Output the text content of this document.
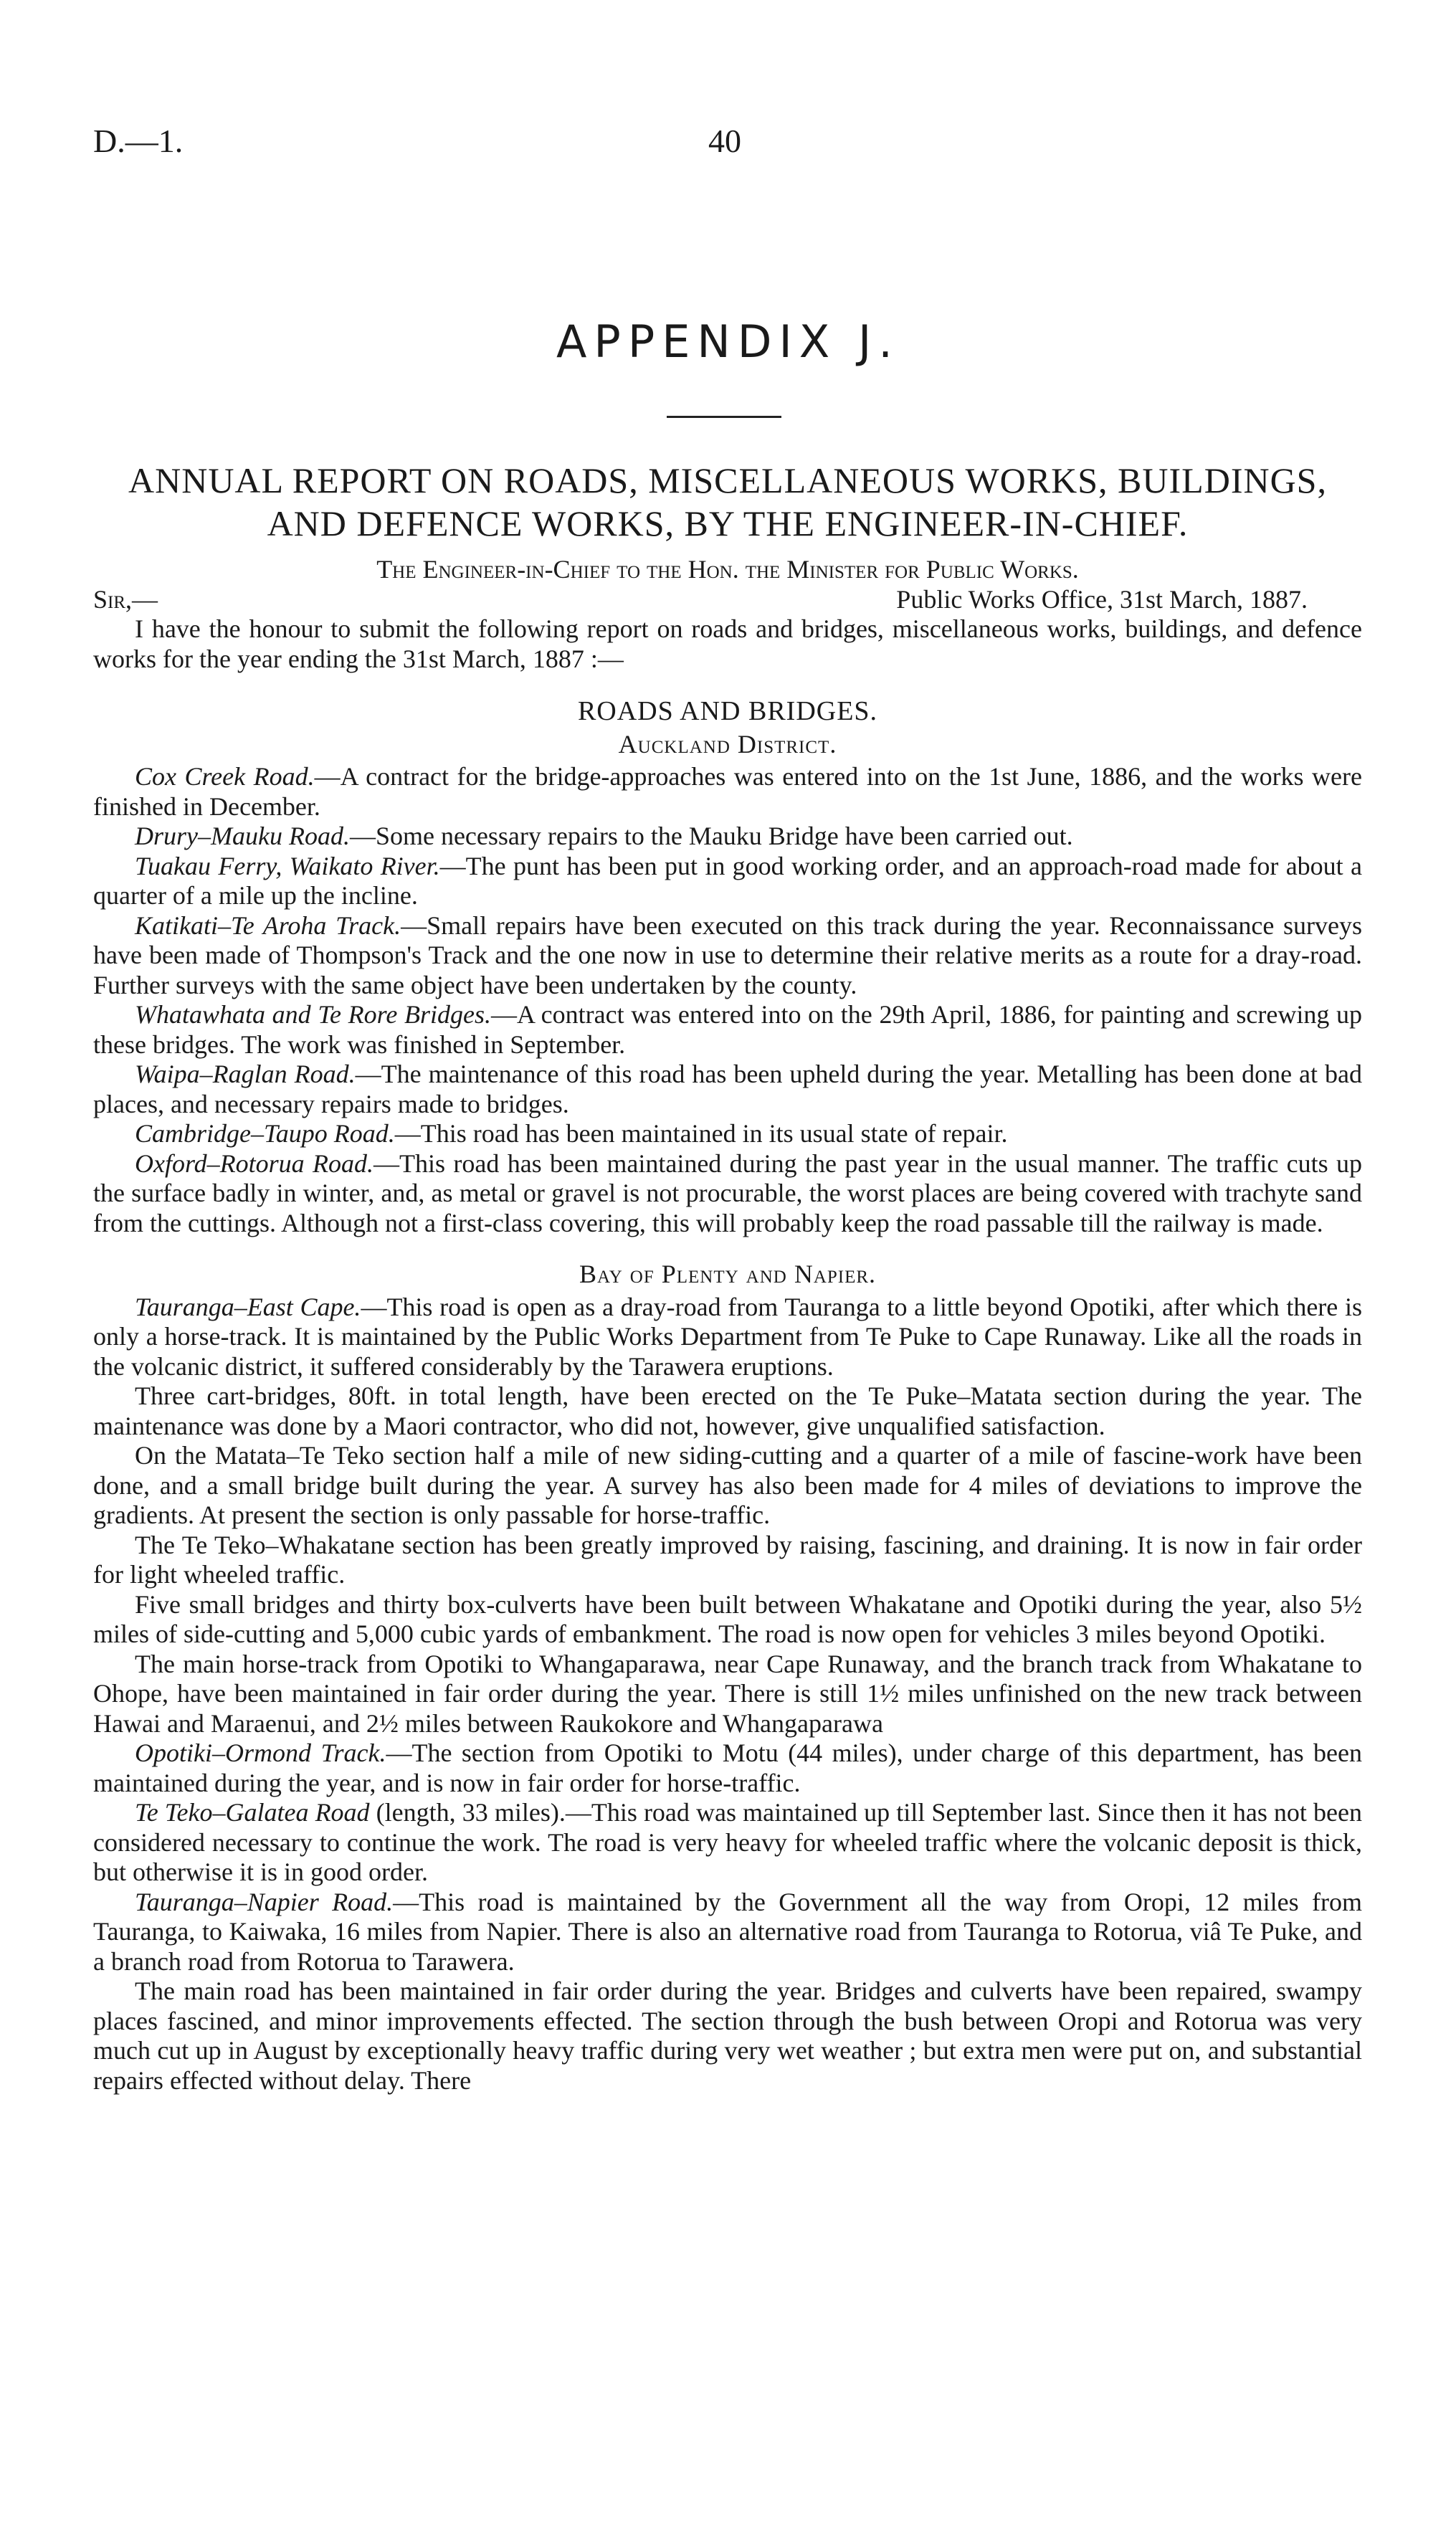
D.—1.	40
APPENDIX J.
ANNUAL REPORT ON ROADS, MISCELLANEOUS WORKS, BUILDINGS, AND DEFENCE WORKS, BY THE ENGINEER-IN-CHIEF.

The Engineer-in-Chief to the Hon. the Minister for Public Works.

Sir,—	Public Works Office, 31st March, 1887.

I have the honour to submit the following report on roads and bridges, miscellaneous works, buildings, and defence works for the year ending the 31st March, 1887 :—

ROADS AND BRIDGES.
Auckland District.

Cox Creek Road.—A contract for the bridge-approaches was entered into on the 1st June, 1886, and the works were finished in December.

Drury–Mauku Road.—Some necessary repairs to the Mauku Bridge have been carried out.

Tuakau Ferry, Waikato River.—The punt has been put in good working order, and an approach-road made for about a quarter of a mile up the incline.

Katikati–Te Aroha Track.—Small repairs have been executed on this track during the year. Reconnaissance surveys have been made of Thompson's Track and the one now in use to determine their relative merits as a route for a dray-road. Further surveys with the same object have been undertaken by the county.

Whatawhata and Te Rore Bridges.—A contract was entered into on the 29th April, 1886, for painting and screwing up these bridges. The work was finished in September.

Waipa–Raglan Road.—The maintenance of this road has been upheld during the year. Metalling has been done at bad places, and necessary repairs made to bridges.

Cambridge–Taupo Road.—This road has been maintained in its usual state of repair.

Oxford–Rotorua Road.—This road has been maintained during the past year in the usual manner. The traffic cuts up the surface badly in winter, and, as metal or gravel is not procurable, the worst places are being covered with trachyte sand from the cuttings. Although not a first-class covering, this will probably keep the road passable till the railway is made.

Bay of Plenty and Napier.

Tauranga–East Cape.—This road is open as a dray-road from Tauranga to a little beyond Opotiki, after which there is only a horse-track. It is maintained by the Public Works Department from Te Puke to Cape Runaway. Like all the roads in the volcanic district, it suffered considerably by the Tarawera eruptions.

Three cart-bridges, 80ft. in total length, have been erected on the Te Puke–Matata section during the year. The maintenance was done by a Maori contractor, who did not, however, give unqualified satisfaction.

On the Matata–Te Teko section half a mile of new siding-cutting and a quarter of a mile of fascine-work have been done, and a small bridge built during the year. A survey has also been made for 4 miles of deviations to improve the gradients. At present the section is only passable for horse-traffic.

The Te Teko–Whakatane section has been greatly improved by raising, fascining, and draining. It is now in fair order for light wheeled traffic.

Five small bridges and thirty box-culverts have been built between Whakatane and Opotiki during the year, also 5½ miles of side-cutting and 5,000 cubic yards of embankment. The road is now open for vehicles 3 miles beyond Opotiki.

The main horse-track from Opotiki to Whangaparawa, near Cape Runaway, and the branch track from Whakatane to Ohope, have been maintained in fair order during the year. There is still 1½ miles unfinished on the new track between Hawai and Maraenui, and 2½ miles between Raukokore and Whangaparawa

Opotiki–Ormond Track.—The section from Opotiki to Motu (44 miles), under charge of this department, has been maintained during the year, and is now in fair order for horse-traffic.

Te Teko–Galatea Road (length, 33 miles).—This road was maintained up till September last. Since then it has not been considered necessary to continue the work. The road is very heavy for wheeled traffic where the volcanic deposit is thick, but otherwise it is in good order.

Tauranga–Napier Road.—This road is maintained by the Government all the way from Oropi, 12 miles from Tauranga, to Kaiwaka, 16 miles from Napier. There is also an alternative road from Tauranga to Rotorua, viâ Te Puke, and a branch road from Rotorua to Tarawera.

The main road has been maintained in fair order during the year. Bridges and culverts have been repaired, swampy places fascined, and minor improvements effected. The section through the bush between Oropi and Rotorua was very much cut up in August by exceptionally heavy traffic during very wet weather ; but extra men were put on, and substantial repairs effected without delay. There
